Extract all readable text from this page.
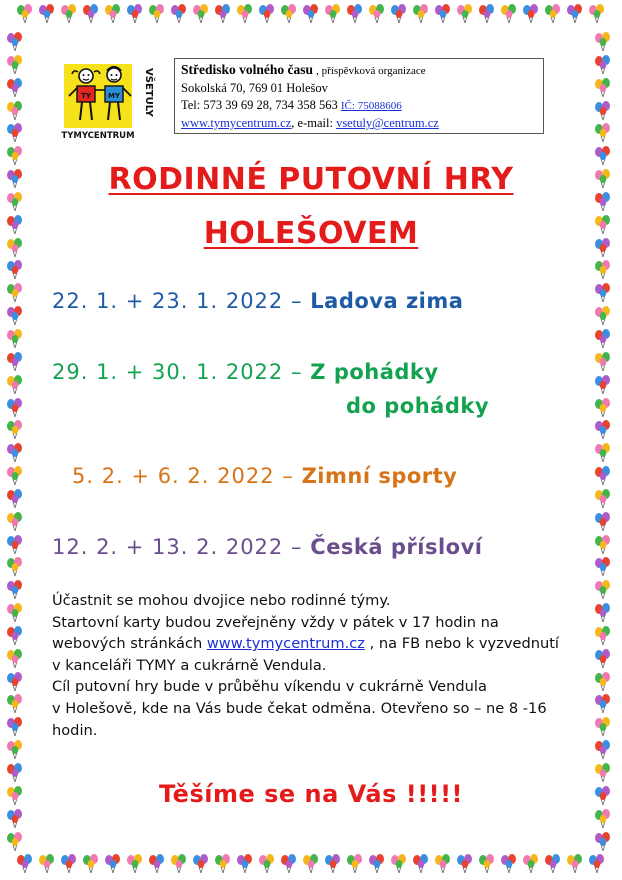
TY MY
TYMYCENTRUM
VŠETULY Středisko volného času , příspěvková organizace
Sokolská 70, 769 01 Holešov
Tel: 573 39 69 28, 734 358 563 IČ: 75088606
www.tymycentrum.cz, e-mail: vsetuly@centrum.cz
RODINNÉ PUTOVNÍ HRY
HOLEŠOVEM
22. 1. + 23. 1. 2022 – Ladova zima
29. 1. + 30. 1. 2022 – Z pohádky
do pohádky
5. 2. + 6. 2. 2022 – Zimní sporty
12. 2. + 13. 2. 2022 – Česká přísloví
Účastnit se mohou dvojice nebo rodinné týmy.
Startovní karty budou zveřejněny vždy v pátek v 17 hodin na
webových stránkách www.tymycentrum.cz , na FB nebo k vyzvednutí
v kanceláři TYMY a cukrárně Vendula.
Cíl putovní hry bude v průběhu víkendu v cukrárně Vendula
v Holešově, kde na Vás bude čekat odměna. Otevřeno so – ne 8 -16
hodin.
Těšíme se na Vás !!!!!
